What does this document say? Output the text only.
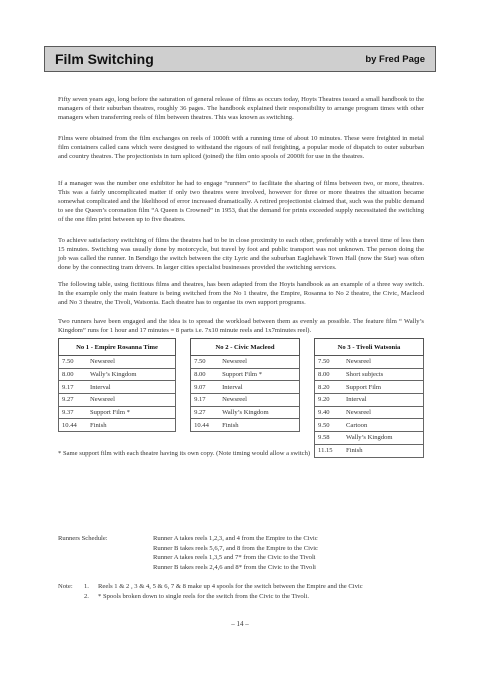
Film Switching	by Fred Page

Fifty seven years ago, long before the saturation of general release of films as occurs today, Hoyts Theatres issued a small handbook to the managers of their suburban theatres, roughly 36 pages. The handbook explained their responsibility to arrange program times with other managers when transferring reels of film between theatres. This was known as switching.

Films were obtained from the film exchanges on reels of 1000ft with a running time of about 10 minutes. These were freighted in metal film containers called cans which were designed to withstand the rigours of rail freighting, a popular mode of dispatch to outer suburban and country theatres. The projectionists in turn spliced (joined) the film onto spools of 2000ft for use in the theatres.

If a manager was the number one exhibitor he had to engage “runners” to facilitate the sharing of films between two, or more, theatres. This was a fairly uncomplicated matter if only two theatres were involved, however for three or more theatres the situation became somewhat complicated and the likelihood of error increased dramatically. A retired projectionist claimed that, such was the public demand to see the Queen’s coronation film “A Queen is Crowned” in 1953, that the demand for prints exceeded supply necessitated the switching of the one film print between up to five theatres.

To achieve satisfactory switching of films the theatres had to be in close proximity to each other, preferably with a travel time of less then 15 minutes. Switching was usually done by motorcycle, but travel by foot and public transport was not unknown. The person doing the job was called the runner. In Bendigo the switch between the city Lyric and the suburban Eaglehawk Town Hall (now the Star) was often done by the connecting tram drivers. In larger cities specialist businesses provided the switching services.

The following table, using fictitious films and theatres, has been adapted from the Hoyts handbook as an example of a three way switch. In the example only the main feature is being switched from the No 1 theatre, the Empire, Rosanna to No 2 theatre, the Civic, Macleod and No 3 theatre, the Tivoli, Watsonia. Each theatre has to organise its own support programs.

Two runners have been engaged and the idea is to spread the workload between them as evenly as possible. The feature film “ Wally’s Kingdom” runs for 1 hour and 17 minutes = 8 parts i.e. 7x10 minute reels and 1x7minutes reel).

No 1 - Empire Rosanna Time			No 2 - Civic Macleod			No 3 - Tivoli Watsonia	
7.50	Newsreel		7.50	Newsreel		7.50	Newsreel
8.00	Wally’s Kingdom		8.00	Support Film *		8.00	Short subjects
9.17	Interval		9.07	Interval		8.20	Support Film
9.27	Newsreel		9.17	Newsreel		9.20	Interval
9.37	Support Film *		9.27	Wally’s Kingdom		9.40	Newsreel
10.44	Finish		10.44	Finish		9.50	Cartoon
						9.58	Wally’s Kingdom
						11.15	Finish
* Same support film with each theatre having its own copy. (Note timing would allow a switch)
Runners Schedule:	Runner A takes reels 1,2,3, and 4 from the Empire to the Civic
Runner B takes reels 5,6,7, and 8 from the Empire to the Civic
Runner A takes reels 1,3,5 and 7* from the Civic to the Tivoli
Runner B takes reels 2,4,6 and 8* from the Civic to the Tivoli
Note: 1. Reels 1 & 2 , 3 & 4, 5 & 6, 7 & 8 make up 4 spools for the switch between the Empire and the Civic
2. * Spools broken down to single reels for the switch from the Civic to the Tivoli.
– 14 –
